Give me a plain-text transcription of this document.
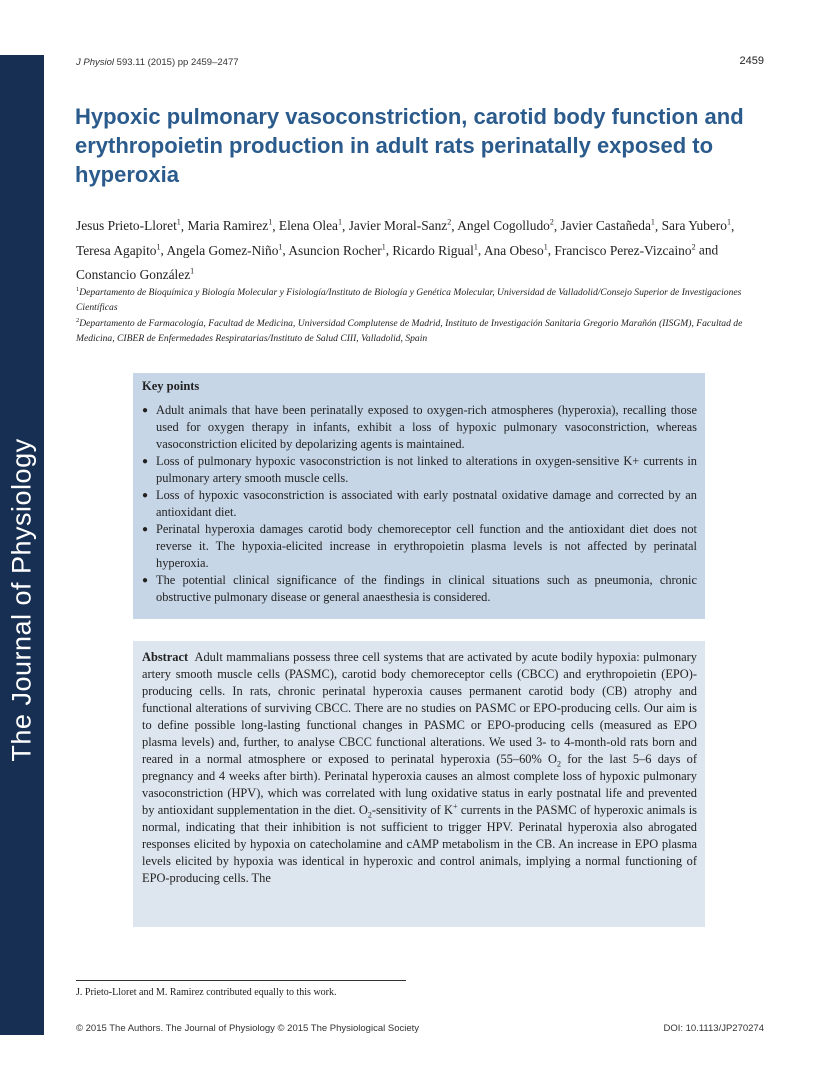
The Journal of Physiology
J Physiol 593.11 (2015) pp 2459–2477	2459
Hypoxic pulmonary vasoconstriction, carotid body function and erythropoietin production in adult rats perinatally exposed to hyperoxia
Jesus Prieto-Lloret$^1$, Maria Ramirez$^1$, Elena Olea$^1$, Javier Moral-Sanz$^2$, Angel Cogolludo$^2$, Javier Castañeda$^1$, Sara Yubero$^1$, Teresa Agapito$^1$, Angela Gomez-Niño$^1$, Asuncion Rocher$^1$, Ricardo Rigual$^1$, Ana Obeso$^1$, Francisco Perez-Vizcaino$^2$ and Constancio González$^1$
$^1$Departamento de Bioquímica y Biología Molecular y Fisiología/Instituto de Biología y Genética Molecular, Universidad de Valladolid/Consejo Superior de Investigaciones Científicas
$^2$Departamento de Farmacología, Facultad de Medicina, Universidad Complutense de Madrid, Instituto de Investigación Sanitaria Gregorio Marañón (IISGM), Facultad de Medicina, CIBER de Enfermedades Respiratarias/Instituto de Salud CIII, Valladolid, Spain
Key points
● Adult animals that have been perinatally exposed to oxygen-rich atmospheres (hyperoxia), recalling those used for oxygen therapy in infants, exhibit a loss of hypoxic pulmonary vasoconstriction, whereas vasoconstriction elicited by depolarizing agents is maintained.
● Loss of pulmonary hypoxic vasoconstriction is not linked to alterations in oxygen-sensitive K+ currents in pulmonary artery smooth muscle cells.
● Loss of hypoxic vasoconstriction is associated with early postnatal oxidative damage and corrected by an antioxidant diet.
● Perinatal hyperoxia damages carotid body chemoreceptor cell function and the antioxidant diet does not reverse it. The hypoxia-elicited increase in erythropoietin plasma levels is not affected by perinatal hyperoxia.
● The potential clinical significance of the findings in clinical situations such as pneumonia, chronic obstructive pulmonary disease or general anaesthesia is considered.
Abstract Adult mammalians possess three cell systems that are activated by acute bodily hypoxia: pulmonary artery smooth muscle cells (PASMC), carotid body chemoreceptor cells (CBCC) and erythropoietin (EPO)-producing cells. In rats, chronic perinatal hyperoxia causes permanent carotid body (CB) atrophy and functional alterations of surviving CBCC. There are no studies on PASMC or EPO-producing cells. Our aim is to define possible long-lasting functional changes in PASMC or EPO-producing cells (measured as EPO plasma levels) and, further, to analyse CBCC functional alterations. We used 3- to 4-month-old rats born and reared in a normal atmosphere or exposed to perinatal hyperoxia (55–60% $O_2$ for the last 5–6 days of pregnancy and 4 weeks after birth). Perinatal hyperoxia causes an almost complete loss of hypoxic pulmonary vasoconstriction (HPV), which was correlated with lung oxidative status in early postnatal life and prevented by antioxidant supplementation in the diet. $O_2$-sensitivity of K+ currents in the PASMC of hyperoxic animals is normal, indicating that their inhibition is not sufficient to trigger HPV. Perinatal hyperoxia also abrogated responses elicited by hypoxia on catecholamine and cAMP metabolism in the CB. An increase in EPO plasma levels elicited by hypoxia was identical in hyperoxic and control animals, implying a normal functioning of EPO-producing cells. The
J. Prieto-Lloret and M. Ramirez contributed equally to this work.
© 2015 The Authors. The Journal of Physiology © 2015 The Physiological Society	DOI: 10.1113/JP270274
